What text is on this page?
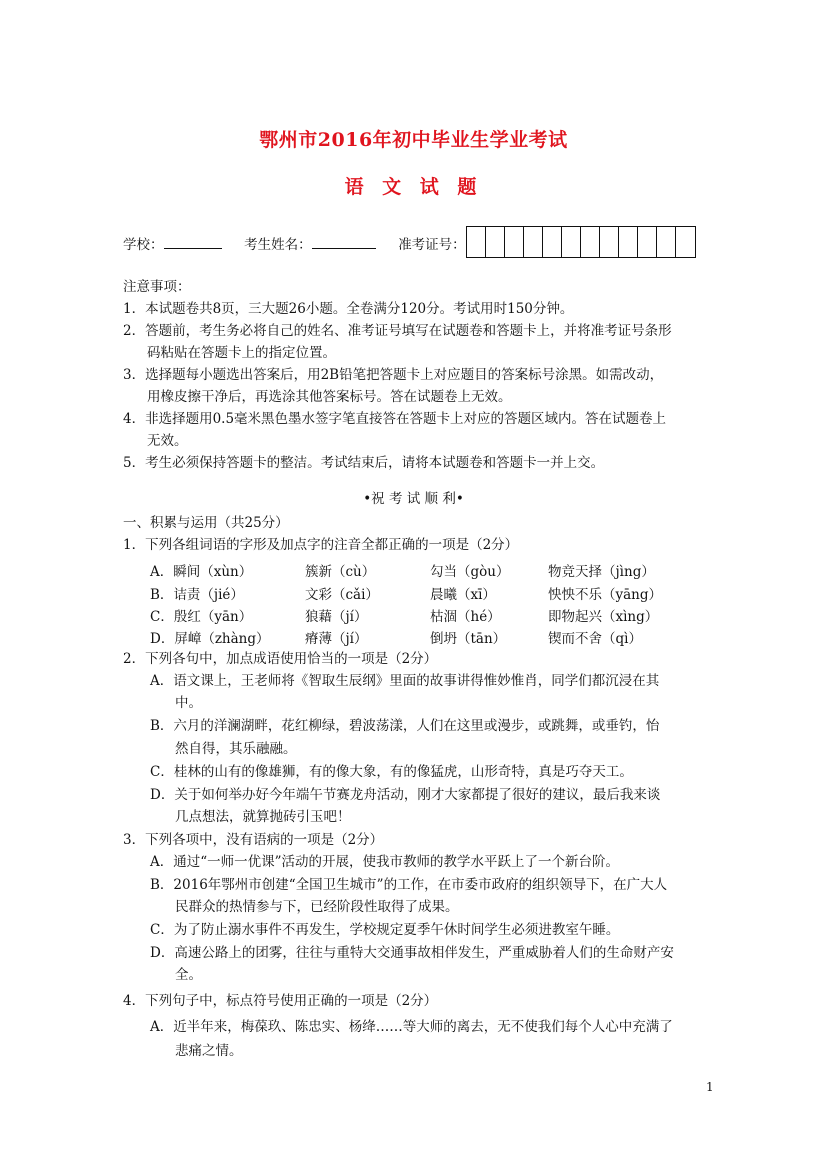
鄂州市2016年初中毕业生学业考试
语 文 试 题
学校：	考生姓名：	准考证号：
注意事项：
1．本试题卷共8页，三大题26小题。全卷满分120分。考试用时150分钟。
2．答题前，考生务必将自己的姓名、准考证号填写在试题卷和答题卡上，并将准考证号条形
码粘贴在答题卡上的指定位置。
3．选择题每小题选出答案后，用2B铅笔把答题卡上对应题目的答案标号涂黑。如需改动，
用橡皮擦干净后，再选涂其他答案标号。答在试题卷上无效。
4．非选择题用0.5毫米黑色墨水签字笔直接答在答题卡上对应的答题区域内。答在试题卷上
无效。
5．考生必须保持答题卡的整洁。考试结束后，请将本试题卷和答题卡一并上交。
•祝 考 试 顺 利•
一、积累与运用（共25分）
1．下列各组词语的字形及加点字的注音全都正确的一项是（2分）
A．瞬间（xùn）	簇新（cù）	勾当（gòu）	物竞天择（jìng）
B．诘责（jié）	文彩（cǎi）	晨曦（xī）	怏怏不乐（yāng）
C．殷红（yān）	狼藉（jí）	枯涸（hé）	即物起兴（xìng）
D．屏嶂（zhàng）	瘠薄（jí）	倒坍（tān）	锲而不舍（qì）
2．下列各句中，加点成语使用恰当的一项是（2分）
A．语文课上，王老师将《智取生辰纲》里面的故事讲得惟妙惟肖，同学们都沉浸在其
中。
B．六月的洋澜湖畔，花红柳绿，碧波荡漾，人们在这里或漫步，或跳舞，或垂钓，怡
然自得，其乐融融。
C．桂林的山有的像雄狮，有的像大象，有的像猛虎，山形奇特，真是巧夺天工。
D．关于如何举办好今年端午节赛龙舟活动，刚才大家都提了很好的建议，最后我来谈
几点想法，就算抛砖引玉吧！
3．下列各项中，没有语病的一项是（2分）
A．通过“一师一优课”活动的开展，使我市教师的教学水平跃上了一个新台阶。
B．2016年鄂州市创建“全国卫生城市”的工作，在市委市政府的组织领导下，在广大人
民群众的热情参与下，已经阶段性取得了成果。
C．为了防止溺水事件不再发生，学校规定夏季午休时间学生必须进教室午睡。
D．高速公路上的团雾，往往与重特大交通事故相伴发生，严重威胁着人们的生命财产安
全。
4．下列句子中，标点符号使用正确的一项是（2分）
A．近半年来，梅葆玖、陈忠实、杨绛……等大师的离去，无不使我们每个人心中充满了
悲痛之情。
1
